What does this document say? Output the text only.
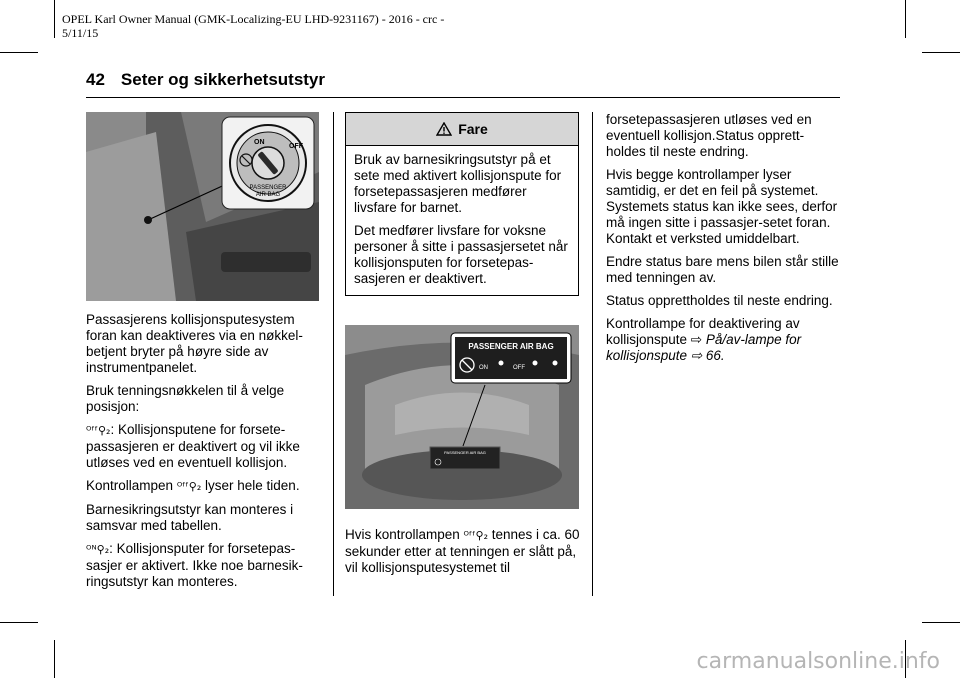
OPEL Karl Owner Manual (GMK-Localizing-EU LHD-9231167) - 2016 - crc -
5/11/15
42 Seter og sikkerhetsutstyr
ON
OFF
PASSENGER
AIR BAG

Passasjerens kollisjonsputesystem foran kan deaktiveres via en nøkkel-betjent bryter på høyre side av instrumentpanelet.

Bruk tenningsnøkkelen til å velge posisjon:

ᴼᶠᶠ⚲₂: Kollisjonsputene for forsete-passasjeren er deaktivert og vil ikke utløses ved en eventuell kollisjon.

Kontrollampen ᴼᶠᶠ⚲₂ lyser hele tiden.

Barnesikringsutstyr kan monteres i samsvar med tabellen.

ᴼᴺ⚲₂: Kollisjonsputer for forsetepas-sasjer er aktivert. Ikke noe barnesik-ringsutstyr kan monteres.

Fare

Bruk av barnesikringsutstyr på et sete med aktivert kollisjonspute for forsetepassasjeren medfører livsfare for barnet.

Det medfører livsfare for voksne personer å sitte i passasjersetet når kollisjonsputen for forsetepas-sasjeren er deaktivert.

PASSENGER AIR BAG
PASSENGER AIR BAG
ON	OFF

Hvis kontrollampen ᴼᶠᶠ⚲₂ tennes i ca. 60 sekunder etter at tenningen er slått på, vil kollisjonsputesystemet til

forsetepassasjeren utløses ved en eventuell kollisjon.Status opprett-holdes til neste endring.

Hvis begge kontrollamper lyser samtidig, er det en feil på systemet. Systemets status kan ikke sees, derfor må ingen sitte i passasjer-setet foran. Kontakt et verksted umiddelbart.

Endre status bare mens bilen står stille med tenningen av.

Status opprettholdes til neste endring.

Kontrollampe for deaktivering av kollisjonspute ⇨ På/av-lampe for kollisjonspute ⇨ 66.

carmanualsonline.info
